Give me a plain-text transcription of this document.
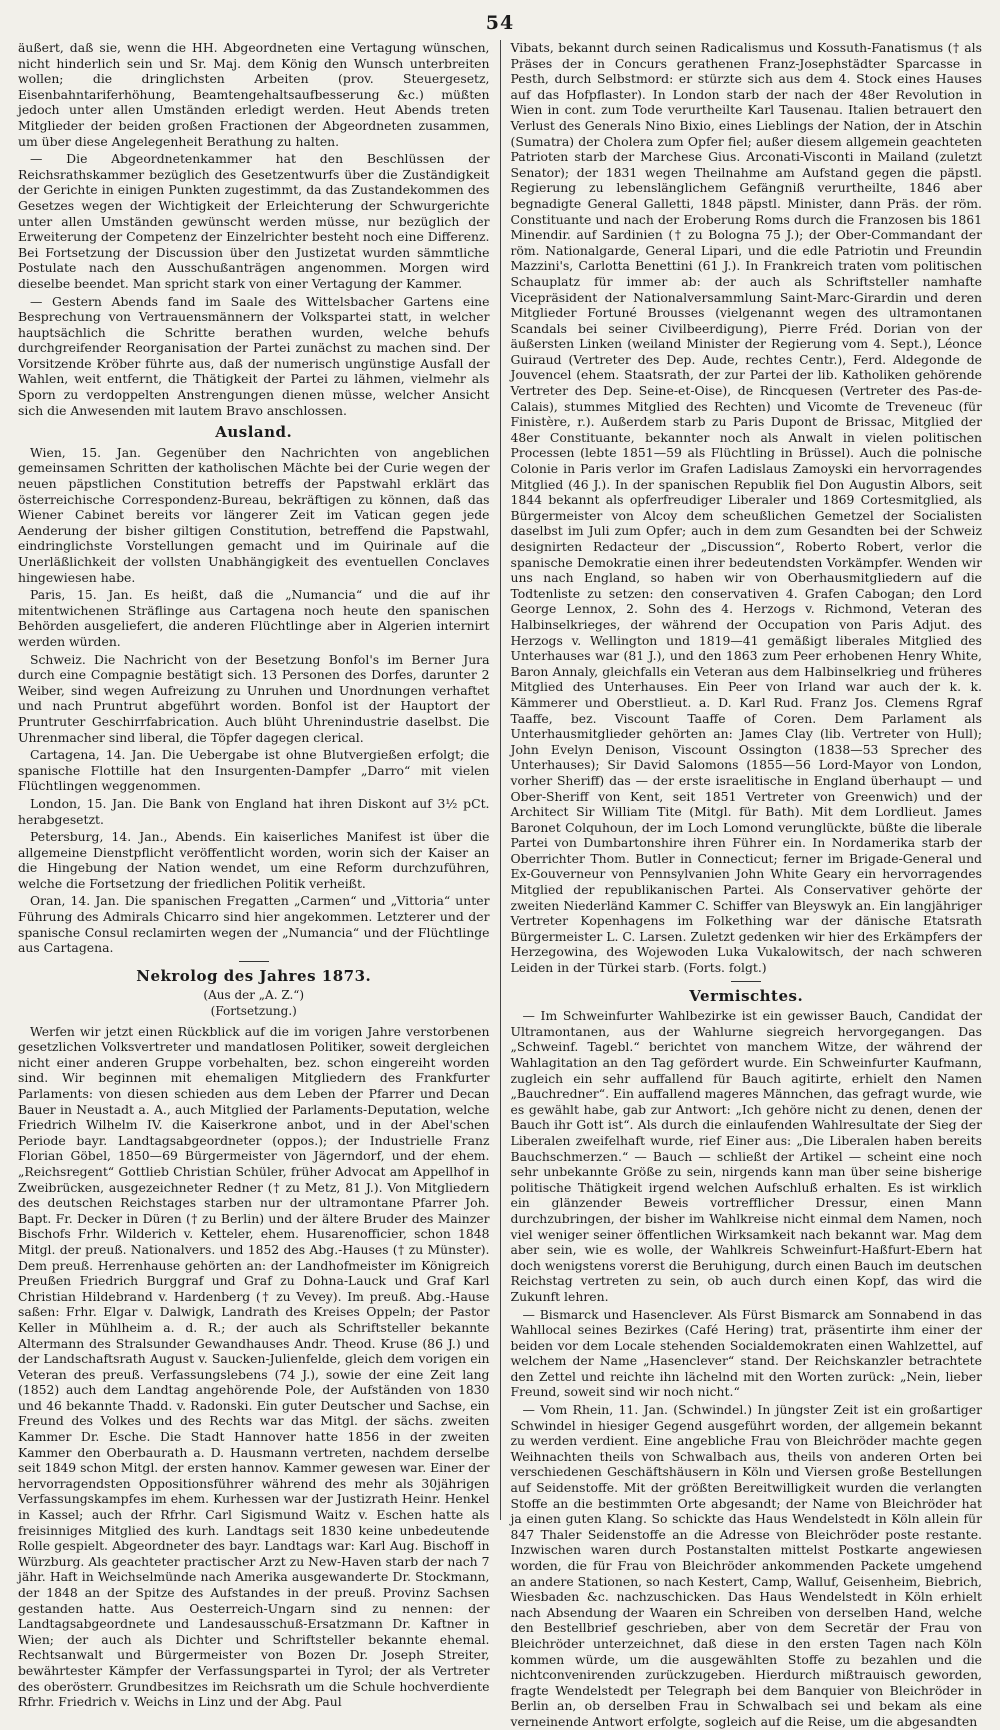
54

äußert, daß sie, wenn die HH. Abgeordneten eine Vertagung wünschen, nicht hinderlich sein und Sr. Maj. dem König den Wunsch unterbreiten wollen; die dringlichsten Arbeiten (prov. Steuergesetz, Eisenbahntariferhöhung, Beamtengehaltsaufbesserung &c.) müßten jedoch unter allen Umständen erledigt werden. Heut Abends treten Mitglieder der beiden großen Fractionen der Abgeordneten zusammen, um über diese Angelegenheit Berathung zu halten.

— Die Abgeordnetenkammer hat den Beschlüssen der Reichsrathskammer bezüglich des Gesetzentwurfs über die Zuständigkeit der Gerichte in einigen Punkten zugestimmt, da das Zustandekommen des Gesetzes wegen der Wichtigkeit der Erleichterung der Schwurgerichte unter allen Umständen gewünscht werden müsse, nur bezüglich der Erweiterung der Competenz der Einzelrichter besteht noch eine Differenz. Bei Fortsetzung der Discussion über den Justizetat wurden sämmtliche Postulate nach den Ausschußanträgen angenommen. Morgen wird dieselbe beendet. Man spricht stark von einer Vertagung der Kammer.

— Gestern Abends fand im Saale des Wittelsbacher Gartens eine Besprechung von Vertrauensmännern der Volkspartei statt, in welcher hauptsächlich die Schritte berathen wurden, welche behufs durchgreifender Reorganisation der Partei zunächst zu machen sind. Der Vorsitzende Kröber führte aus, daß der numerisch ungünstige Ausfall der Wahlen, weit entfernt, die Thätigkeit der Partei zu lähmen, vielmehr als Sporn zu verdoppelten Anstrengungen dienen müsse, welcher Ansicht sich die Anwesenden mit lautem Bravo anschlossen.

Ausland.

Wien, 15. Jan. Gegenüber den Nachrichten von angeblichen gemeinsamen Schritten der katholischen Mächte bei der Curie wegen der neuen päpstlichen Constitution betreffs der Papstwahl erklärt das österreichische Correspondenz-Bureau, bekräftigen zu können, daß das Wiener Cabinet bereits vor längerer Zeit im Vatican gegen jede Aenderung der bisher giltigen Constitution, betreffend die Papstwahl, eindringlichste Vorstellungen gemacht und im Quirinale auf die Unerläßlichkeit der vollsten Unabhängigkeit des eventuellen Conclaves hingewiesen habe.

Paris, 15. Jan. Es heißt, daß die „Numancia“ und die auf ihr mitentwichenen Sträflinge aus Cartagena noch heute den spanischen Behörden ausgeliefert, die anderen Flüchtlinge aber in Algerien internirt werden würden.

Schweiz. Die Nachricht von der Besetzung Bonfol's im Berner Jura durch eine Compagnie bestätigt sich. 13 Personen des Dorfes, darunter 2 Weiber, sind wegen Aufreizung zu Unruhen und Unordnungen verhaftet und nach Pruntrut abgeführt worden. Bonfol ist der Hauptort der Pruntruter Geschirrfabrication. Auch blüht Uhrenindustrie daselbst. Die Uhrenmacher sind liberal, die Töpfer dagegen clerical.

Cartagena, 14. Jan. Die Uebergabe ist ohne Blutvergießen erfolgt; die spanische Flottille hat den Insurgenten-Dampfer „Darro“ mit vielen Flüchtlingen weggenommen.

London, 15. Jan. Die Bank von England hat ihren Diskont auf 3½ pCt. herabgesetzt.

Petersburg, 14. Jan., Abends. Ein kaiserliches Manifest ist über die allgemeine Dienstpflicht veröffentlicht worden, worin sich der Kaiser an die Hingebung der Nation wendet, um eine Reform durchzuführen, welche die Fortsetzung der friedlichen Politik verheißt.

Oran, 14. Jan. Die spanischen Fregatten „Carmen“ und „Vittoria“ unter Führung des Admirals Chicarro sind hier angekommen. Letzterer und der spanische Consul reclamirten wegen der „Numancia“ und der Flüchtlinge aus Cartagena.

Nekrolog des Jahres 1873.

(Aus der „A. Z.“)

(Fortsetzung.)

Werfen wir jetzt einen Rückblick auf die im vorigen Jahre verstorbenen gesetzlichen Volksvertreter und mandatlosen Politiker, soweit dergleichen nicht einer anderen Gruppe vorbehalten, bez. schon eingereiht worden sind. Wir beginnen mit ehemaligen Mitgliedern des Frankfurter Parlaments: von diesen schieden aus dem Leben der Pfarrer und Decan Bauer in Neustadt a. A., auch Mitglied der Parlaments-Deputation, welche Friedrich Wilhelm IV. die Kaiserkrone anbot, und in der Abel'schen Periode bayr. Landtagsabgeordneter (oppos.); der Industrielle Franz Florian Göbel, 1850—69 Bürgermeister von Jägerndorf, und der ehem. „Reichsregent“ Gottlieb Christian Schüler, früher Advocat am Appellhof in Zweibrücken, ausgezeichneter Redner († zu Metz, 81 J.). Von Mitgliedern des deutschen Reichstages starben nur der ultramontane Pfarrer Joh. Bapt. Fr. Decker in Düren († zu Berlin) und der ältere Bruder des Mainzer Bischofs Frhr. Wilderich v. Ketteler, ehem. Husarenofficier, schon 1848 Mitgl. der preuß. Nationalvers. und 1852 des Abg.-Hauses († zu Münster). Dem preuß. Herrenhause gehörten an: der Landhofmeister im Königreich Preußen Friedrich Burggraf und Graf zu Dohna-Lauck und Graf Karl Christian Hildebrand v. Hardenberg († zu Vevey). Im preuß. Abg.-Hause saßen: Frhr. Elgar v. Dalwigk, Landrath des Kreises Oppeln; der Pastor Keller in Mühlheim a. d. R.; der auch als Schriftsteller bekannte Altermann des Stralsunder Gewandhauses Andr. Theod. Kruse (86 J.) und der Landschaftsrath August v. Saucken-Julienfelde, gleich dem vorigen ein Veteran des preuß. Verfassungslebens (74 J.), sowie der eine Zeit lang (1852) auch dem Landtag angehörende Pole, der Aufständen von 1830 und 46 bekannte Thadd. v. Radonski. Ein guter Deutscher und Sachse, ein Freund des Volkes und des Rechts war das Mitgl. der sächs. zweiten Kammer Dr. Esche. Die Stadt Hannover hatte 1856 in der zweiten Kammer den Oberbaurath a. D. Hausmann vertreten, nachdem derselbe seit 1849 schon Mitgl. der ersten hannov. Kammer gewesen war. Einer der hervorragendsten Oppositionsführer während des mehr als 30jährigen Verfassungskampfes im ehem. Kurhessen war der Justizrath Heinr. Henkel in Kassel; auch der Rfrhr. Carl Sigismund Waitz v. Eschen hatte als freisinniges Mitglied des kurh. Landtags seit 1830 keine unbedeutende Rolle gespielt. Abgeordneter des bayr. Landtags war: Karl Aug. Bischoff in Würzburg. Als geachteter practischer Arzt zu New-Haven starb der nach 7 jähr. Haft in Weichselmünde nach Amerika ausgewanderte Dr. Stockmann, der 1848 an der Spitze des Aufstandes in der preuß. Provinz Sachsen gestanden hatte. Aus Oesterreich-Ungarn sind zu nennen: der Landtagsabgeordnete und Landesausschuß-Ersatzmann Dr. Kaftner in Wien; der auch als Dichter und Schriftsteller bekannte ehemal. Rechtsanwalt und Bürgermeister von Bozen Dr. Joseph Streiter, bewährtester Kämpfer der Verfassungspartei in Tyrol; der als Vertreter des oberösterr. Grundbesitzes im Reichsrath um die Schule hochverdiente Rfrhr. Friedrich v. Weichs in Linz und der Abg. Paul

Vibats, bekannt durch seinen Radicalismus und Kossuth-Fanatismus († als Präses der in Concurs gerathenen Franz-Josephstädter Sparcasse in Pesth, durch Selbstmord: er stürzte sich aus dem 4. Stock eines Hauses auf das Hofpflaster). In London starb der nach der 48er Revolution in Wien in cont. zum Tode verurtheilte Karl Tausenau. Italien betrauert den Verlust des Generals Nino Bixio, eines Lieblings der Nation, der in Atschin (Sumatra) der Cholera zum Opfer fiel; außer diesem allgemein geachteten Patrioten starb der Marchese Gius. Arconati-Visconti in Mailand (zuletzt Senator); der 1831 wegen Theilnahme am Aufstand gegen die päpstl. Regierung zu lebenslänglichem Gefängniß verurtheilte, 1846 aber begnadigte General Galletti, 1848 päpstl. Minister, dann Präs. der röm. Constituante und nach der Eroberung Roms durch die Franzosen bis 1861 Minendir. auf Sardinien († zu Bologna 75 J.); der Ober-Commandant der röm. Nationalgarde, General Lipari, und die edle Patriotin und Freundin Mazzini's, Carlotta Benettini (61 J.). In Frankreich traten vom politischen Schauplatz für immer ab: der auch als Schriftsteller namhafte Vicepräsident der Nationalversammlung Saint-Marc-Girardin und deren Mitglieder Fortuné Brousses (vielgenannt wegen des ultramontanen Scandals bei seiner Civilbeerdigung), Pierre Fréd. Dorian von der äußersten Linken (weiland Minister der Regierung vom 4. Sept.), Léonce Guiraud (Vertreter des Dep. Aude, rechtes Centr.), Ferd. Aldegonde de Jouvencel (ehem. Staatsrath, der zur Partei der lib. Katholiken gehörende Vertreter des Dep. Seine-et-Oise), de Rincquesen (Vertreter des Pas-de-Calais), stummes Mitglied des Rechten) und Vicomte de Treveneuc (für Finistère, r.). Außerdem starb zu Paris Dupont de Brissac, Mitglied der 48er Constituante, bekannter noch als Anwalt in vielen politischen Processen (lebte 1851—59 als Flüchtling in Brüssel). Auch die polnische Colonie in Paris verlor im Grafen Ladislaus Zamoyski ein hervorragendes Mitglied (46 J.). In der spanischen Republik fiel Don Augustin Albors, seit 1844 bekannt als opferfreudiger Liberaler und 1869 Cortesmitglied, als Bürgermeister von Alcoy dem scheußlichen Gemetzel der Socialisten daselbst im Juli zum Opfer; auch in dem zum Gesandten bei der Schweiz designirten Redacteur der „Discussion“, Roberto Robert, verlor die spanische Demokratie einen ihrer bedeutendsten Vorkämpfer. Wenden wir uns nach England, so haben wir von Oberhausmitgliedern auf die Todtenliste zu setzen: den conservativen 4. Grafen Cabogan; den Lord George Lennox, 2. Sohn des 4. Herzogs v. Richmond, Veteran des Halbinselkrieges, der während der Occupation von Paris Adjut. des Herzogs v. Wellington und 1819—41 gemäßigt liberales Mitglied des Unterhauses war (81 J.), und den 1863 zum Peer erhobenen Henry White, Baron Annaly, gleichfalls ein Veteran aus dem Halbinselkrieg und früheres Mitglied des Unterhauses. Ein Peer von Irland war auch der k. k. Kämmerer und Oberstlieut. a. D. Karl Rud. Franz Jos. Clemens Rgraf Taaffe, bez. Viscount Taaffe of Coren. Dem Parlament als Unterhausmitglieder gehörten an: James Clay (lib. Vertreter von Hull); John Evelyn Denison, Viscount Ossington (1838—53 Sprecher des Unterhauses); Sir David Salomons (1855—56 Lord-Mayor von London, vorher Sheriff) das — der erste israelitische in England überhaupt — und Ober-Sheriff von Kent, seit 1851 Vertreter von Greenwich) und der Architect Sir William Tite (Mitgl. für Bath). Mit dem Lordlieut. James Baronet Colquhoun, der im Loch Lomond verunglückte, büßte die liberale Partei von Dumbartonshire ihren Führer ein. In Nordamerika starb der Oberrichter Thom. Butler in Connecticut; ferner im Brigade-General und Ex-Gouverneur von Pennsylvanien John White Geary ein hervorragendes Mitglied der republikanischen Partei. Als Conservativer gehörte der zweiten Niederländ Kammer C. Schiffer van Bleyswyk an. Ein langjähriger Vertreter Kopenhagens im Folkething war der dänische Etatsrath Bürgermeister L. C. Larsen. Zuletzt gedenken wir hier des Erkämpfers der Herzegowina, des Wojewoden Luka Vukalowitsch, der nach schweren Leiden in der Türkei starb. (Forts. folgt.)

Vermischtes.

— Im Schweinfurter Wahlbezirke ist ein gewisser Bauch, Candidat der Ultramontanen, aus der Wahlurne siegreich hervorgegangen. Das „Schweinf. Tagebl.“ berichtet von manchem Witze, der während der Wahlagitation an den Tag gefördert wurde. Ein Schweinfurter Kaufmann, zugleich ein sehr auffallend für Bauch agitirte, erhielt den Namen „Bauchredner“. Ein auffallend mageres Männchen, das gefragt wurde, wie es gewählt habe, gab zur Antwort: „Ich gehöre nicht zu denen, denen der Bauch ihr Gott ist“. Als durch die einlaufenden Wahlresultate der Sieg der Liberalen zweifelhaft wurde, rief Einer aus: „Die Liberalen haben bereits Bauchschmerzen.“ — Bauch — schließt der Artikel — scheint eine noch sehr unbekannte Größe zu sein, nirgends kann man über seine bisherige politische Thätigkeit irgend welchen Aufschluß erhalten. Es ist wirklich ein glänzender Beweis vortrefflicher Dressur, einen Mann durchzubringen, der bisher im Wahlkreise nicht einmal dem Namen, noch viel weniger seiner öffentlichen Wirksamkeit nach bekannt war. Mag dem aber sein, wie es wolle, der Wahlkreis Schweinfurt-Haßfurt-Ebern hat doch wenigstens vorerst die Beruhigung, durch einen Bauch im deutschen Reichstag vertreten zu sein, ob auch durch einen Kopf, das wird die Zukunft lehren.

— Bismarck und Hasenclever. Als Fürst Bismarck am Sonnabend in das Wahllocal seines Bezirkes (Café Hering) trat, präsentirte ihm einer der beiden vor dem Locale stehenden Socialdemokraten einen Wahlzettel, auf welchem der Name „Hasenclever“ stand. Der Reichskanzler betrachtete den Zettel und reichte ihn lächelnd mit den Worten zurück: „Nein, lieber Freund, soweit sind wir noch nicht.“

— Vom Rhein, 11. Jan. (Schwindel.) In jüngster Zeit ist ein großartiger Schwindel in hiesiger Gegend ausgeführt worden, der allgemein bekannt zu werden verdient. Eine angebliche Frau von Bleichröder machte gegen Weihnachten theils von Schwalbach aus, theils von anderen Orten bei verschiedenen Geschäftshäusern in Köln und Viersen große Bestellungen auf Seidenstoffe. Mit der größten Bereitwilligkeit wurden die verlangten Stoffe an die bestimmten Orte abgesandt; der Name von Bleichröder hat ja einen guten Klang. So schickte das Haus Wendelstedt in Köln allein für 847 Thaler Seidenstoffe an die Adresse von Bleichröder poste restante. Inzwischen waren durch Postanstalten mittelst Postkarte angewiesen worden, die für Frau von Bleichröder ankommenden Packete umgehend an andere Stationen, so nach Kestert, Camp, Walluf, Geisenheim, Biebrich, Wiesbaden &c. nachzuschicken. Das Haus Wendelstedt in Köln erhielt nach Absendung der Waaren ein Schreiben von derselben Hand, welche den Bestellbrief geschrieben, aber von dem Secretär der Frau von Bleichröder unterzeichnet, daß diese in den ersten Tagen nach Köln kommen würde, um die ausgewählten Stoffe zu bezahlen und die nichtconvenirenden zurückzugeben. Hierdurch mißtrauisch geworden, fragte Wendelstedt per Telegraph bei dem Banquier von Bleichröder in Berlin an, ob derselben Frau in Schwalbach sei und bekam als eine verneinende Antwort erfolgte, sogleich auf die Reise, um die abgesandten
